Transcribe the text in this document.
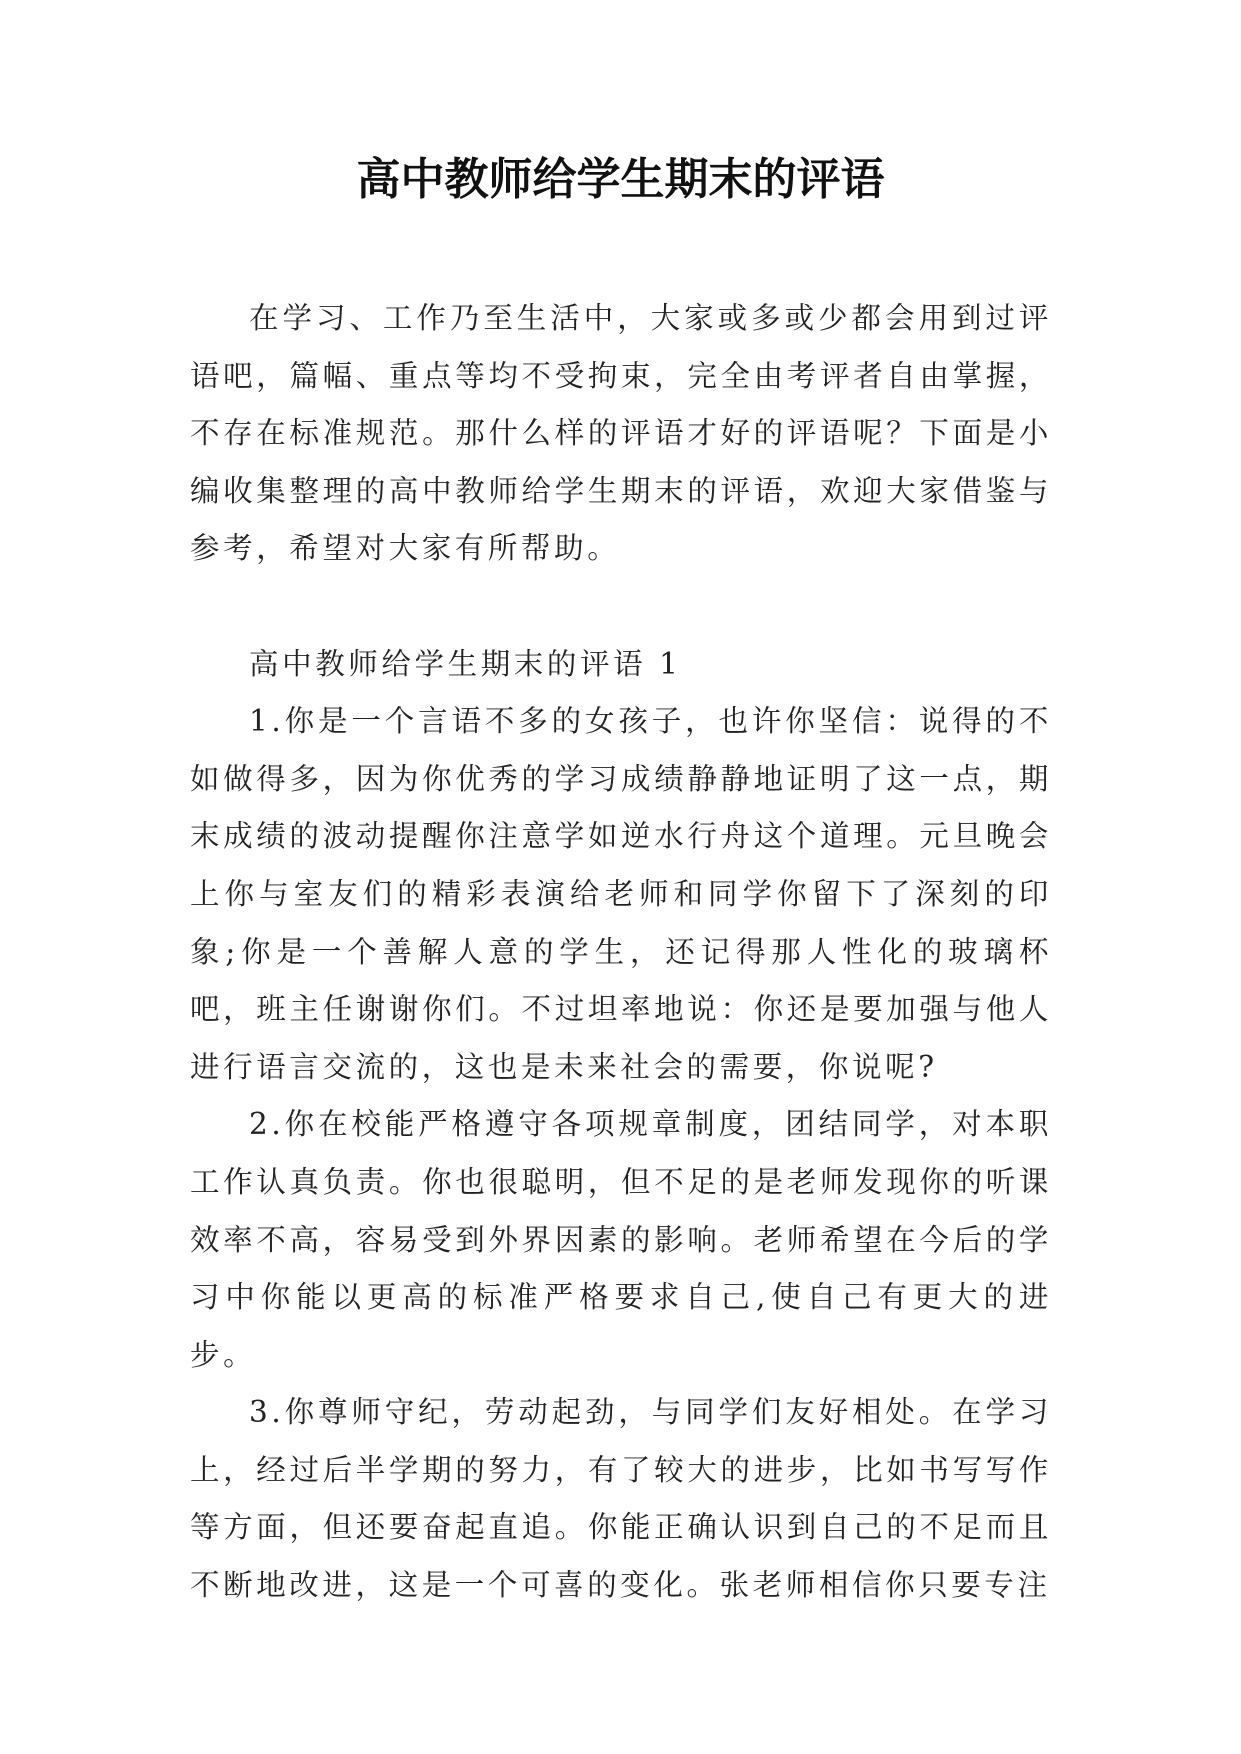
高中教师给学生期末的评语

在学习、工作乃至生活中，大家或多或少都会用到过评语吧，篇幅、重点等均不受拘束，完全由考评者自由掌握，不存在标准规范。那什么样的评语才好的评语呢？下面是小编收集整理的高中教师给学生期末的评语，欢迎大家借鉴与参考，希望对大家有所帮助。

高中教师给学生期末的评语 1

1.你是一个言语不多的女孩子，也许你坚信：说得的不如做得多，因为你优秀的学习成绩静静地证明了这一点，期末成绩的波动提醒你注意学如逆水行舟这个道理。元旦晚会上你与室友们的精彩表演给老师和同学你留下了深刻的印象;你是一个善解人意的学生，还记得那人性化的玻璃杯吧，班主任谢谢你们。不过坦率地说：你还是要加强与他人进行语言交流的，这也是未来社会的需要，你说呢?

2.你在校能严格遵守各项规章制度，团结同学，对本职工作认真负责。你也很聪明，但不足的是老师发现你的听课效率不高，容易受到外界因素的影响。老师希望在今后的学习中你能以更高的标准严格要求自己,使自己有更大的进步。

3.你尊师守纪，劳动起劲，与同学们友好相处。在学习上，经过后半学期的努力，有了较大的进步，比如书写写作等方面，但还要奋起直追。你能正确认识到自己的不足而且不断地改进，这是一个可喜的变化。张老师相信你只要专注
